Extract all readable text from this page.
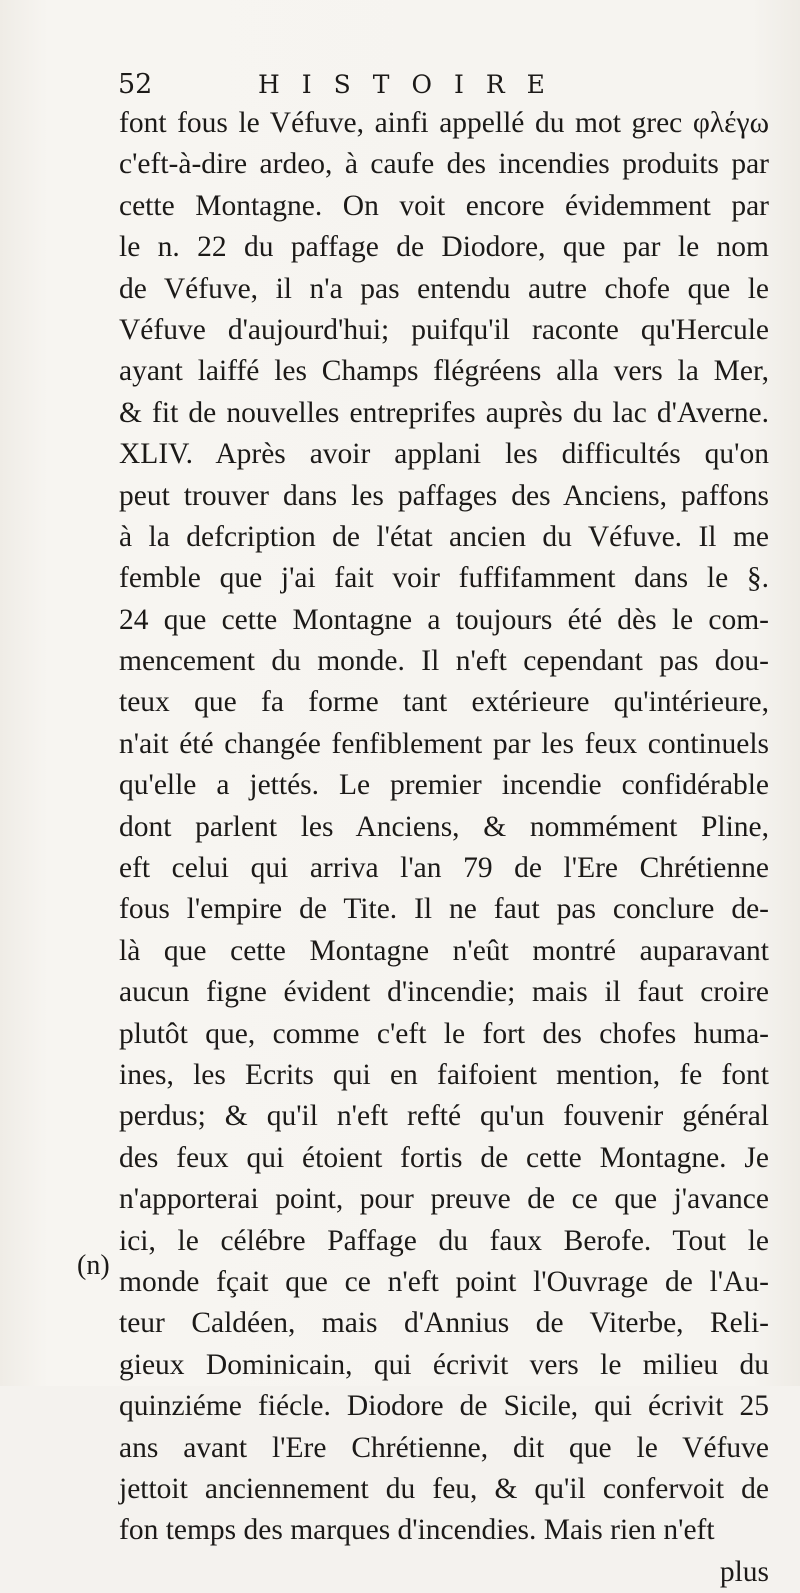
52	HISTOIRE
font fous le Véfuve, ainfi appellé du mot grec φλέγω
c'eft-à-dire ardeo, à caufe des incendies produits par
cette Montagne. On voit encore évidemment par
le n. 22 du paffage de Diodore, que par le nom
de Véfuve, il n'a pas entendu autre chofe que le
Véfuve d'aujourd'hui; puifqu'il raconte qu'Hercule
ayant laiffé les Champs flégréens alla vers la Mer,
& fit de nouvelles entreprifes auprès du lac d'Averne.
XLIV. Après avoir applani les difficultés qu'on
peut trouver dans les paffages des Anciens, paffons
à la defcription de l'état ancien du Véfuve. Il me
femble que j'ai fait voir fuffifamment dans le §.
24 que cette Montagne a toujours été dès le com-
mencement du monde. Il n'eft cependant pas dou-
teux que fa forme tant extérieure qu'intérieure,
n'ait été changée fenfiblement par les feux continuels
qu'elle a jettés. Le premier incendie confidérable
dont parlent les Anciens, & nommément Pline,
eft celui qui arriva l'an 79 de l'Ere Chrétienne
fous l'empire de Tite. Il ne faut pas conclure de-
là que cette Montagne n'eût montré auparavant
aucun figne évident d'incendie; mais il faut croire
plutôt que, comme c'eft le fort des chofes huma-
ines, les Ecrits qui en faifoient mention, fe font
perdus; & qu'il n'eft refté qu'un fouvenir général
des feux qui étoient fortis de cette Montagne. Je
n'apporterai point, pour preuve de ce que j'avance
ici, le célébre Paffage du faux Berofe. Tout le
monde fçait que ce n'eft point l'Ouvrage de l'Au-
teur Caldéen, mais d'Annius de Viterbe, Reli-
gieux Dominicain, qui écrivit vers le milieu du
quinziéme fiécle. Diodore de Sicile, qui écrivit 25
ans avant l'Ere Chrétienne, dit que le Véfuve
jettoit anciennement du feu, & qu'il confervoit de
fon temps des marques d'incendies. Mais rien n'eft
plus
(n)
